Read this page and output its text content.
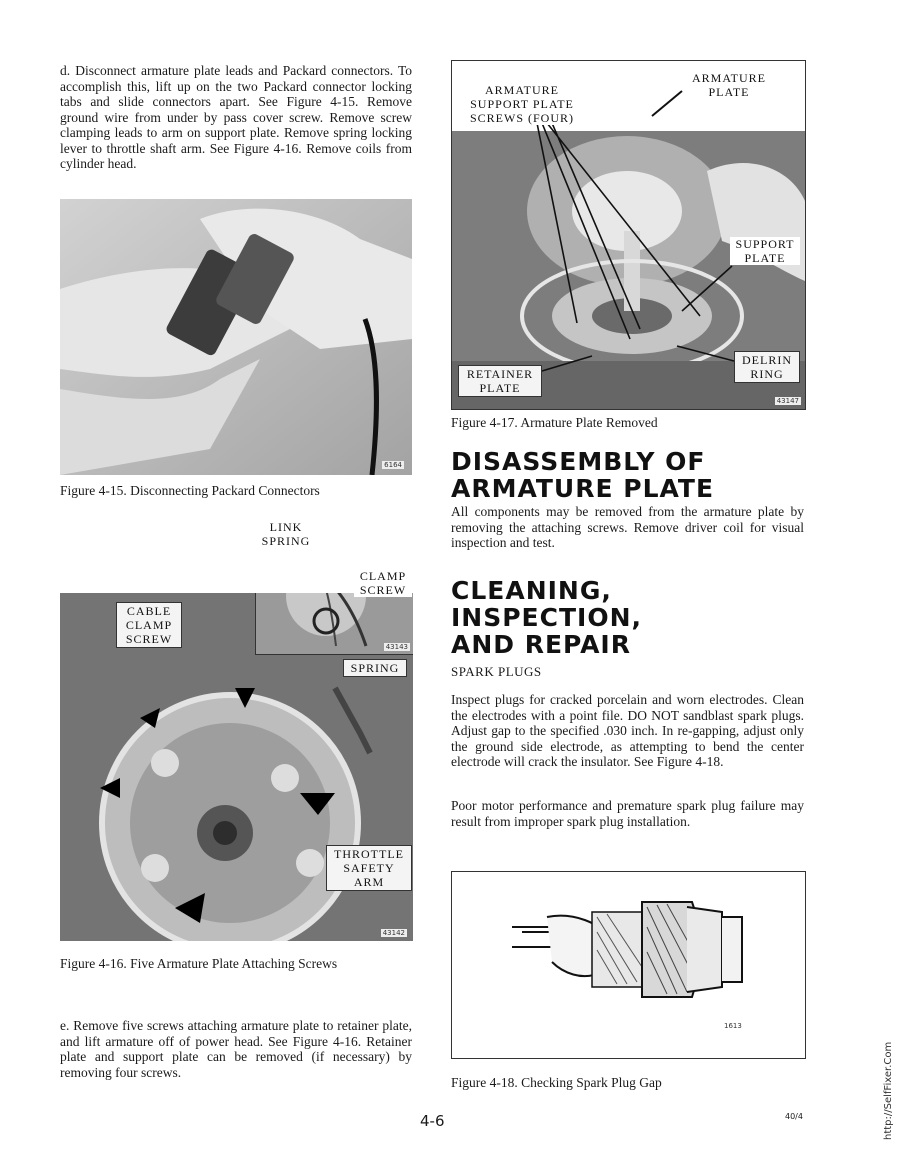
d. Disconnect armature plate leads and Packard connectors. To accomplish this, lift up on the two Packard connector locking tabs and slide connectors apart. See Figure 4-15. Remove ground wire from under by pass cover screw. Remove screw clamping leads to arm on support plate. Remove spring locking lever to throttle shaft arm. See Figure 4-16. Remove coils from cylinder head.
6164
Figure 4-15. Disconnecting Packard Connectors
43143
43142
LINK SPRING
CLAMP SCREW
CABLE CLAMP SCREW
SPRING
THROTTLE SAFETY ARM
Figure 4-16. Five Armature Plate Attaching Screws
e. Remove five screws attaching armature plate to retainer plate, and lift armature off of power head. See Figure 4-16. Retainer plate and support plate can be removed (if necessary) by removing four screws.
43147
ARMATURE SUPPORT PLATE SCREWS (FOUR)
ARMATURE PLATE
SUPPORT PLATE
DELRIN RING
RETAINER PLATE
Figure 4-17. Armature Plate Removed
DISASSEMBLY OF
ARMATURE PLATE
All components may be removed from the armature plate by removing the attaching screws. Remove driver coil for visual inspection and test.
CLEANING,
INSPECTION,
AND REPAIR
SPARK PLUGS
Inspect plugs for cracked porcelain and worn electrodes. Clean the electrodes with a point file. DO NOT sandblast spark plugs. Adjust gap to the specified .030 inch. In re-gapping, adjust only the ground side electrode, as attempting to bend the center electrode will crack the insulator. See Figure 4-18.
Poor motor performance and premature spark plug failure may result from improper spark plug installation.
1613
Figure 4-18. Checking Spark Plug Gap
4-6	40/4	http://SelfFixer.Com
